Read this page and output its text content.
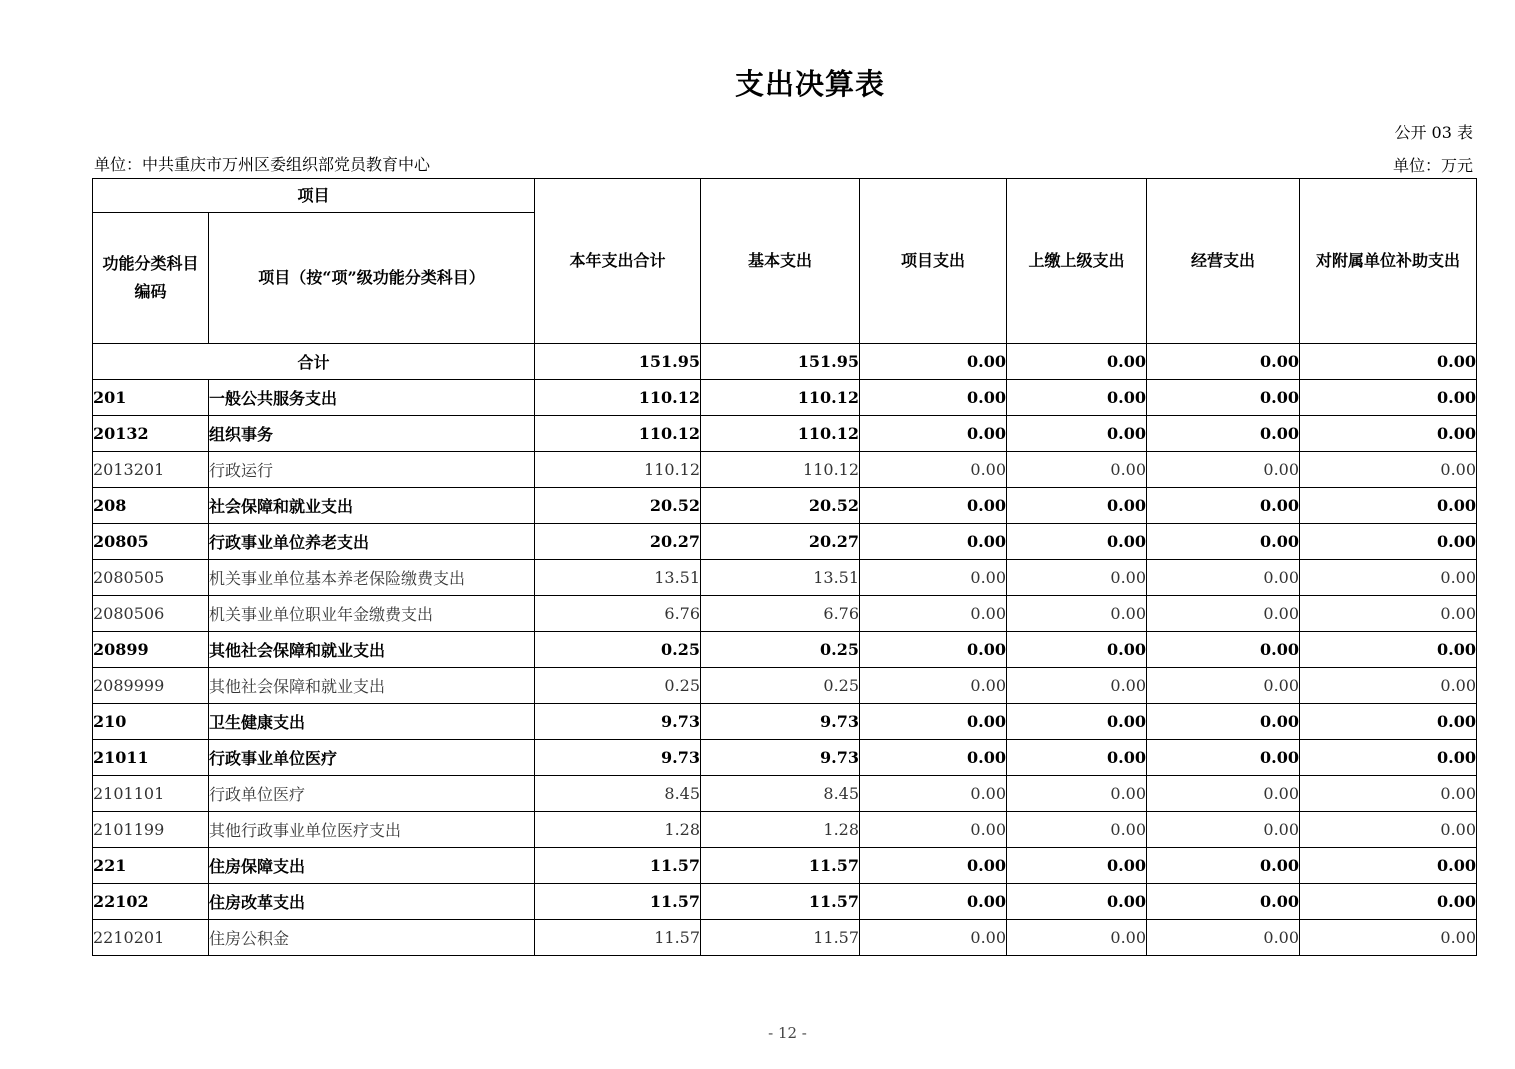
支出决算表
公开 03 表
单位：中共重庆市万州区委组织部党员教育中心	单位：万元
项目		本年支出合计	基本支出	项目支出	上缴上级支出	经营支出	对附属单位补助支出
功能分类科目编码	项目（按“项”级功能分类科目）						
合计		151.95	151.95	0.00	0.00	0.00	0.00
201	一般公共服务支出	110.12	110.12	0.00	0.00	0.00	0.00
20132	组织事务	110.12	110.12	0.00	0.00	0.00	0.00
2013201	行政运行	110.12	110.12	0.00	0.00	0.00	0.00
208	社会保障和就业支出	20.52	20.52	0.00	0.00	0.00	0.00
20805	行政事业单位养老支出	20.27	20.27	0.00	0.00	0.00	0.00
2080505	机关事业单位基本养老保险缴费支出	13.51	13.51	0.00	0.00	0.00	0.00
2080506	机关事业单位职业年金缴费支出	6.76	6.76	0.00	0.00	0.00	0.00
20899	其他社会保障和就业支出	0.25	0.25	0.00	0.00	0.00	0.00
2089999	其他社会保障和就业支出	0.25	0.25	0.00	0.00	0.00	0.00
210	卫生健康支出	9.73	9.73	0.00	0.00	0.00	0.00
21011	行政事业单位医疗	9.73	9.73	0.00	0.00	0.00	0.00
2101101	行政单位医疗	8.45	8.45	0.00	0.00	0.00	0.00
2101199	其他行政事业单位医疗支出	1.28	1.28	0.00	0.00	0.00	0.00
221	住房保障支出	11.57	11.57	0.00	0.00	0.00	0.00
22102	住房改革支出	11.57	11.57	0.00	0.00	0.00	0.00
2210201	住房公积金	11.57	11.57	0.00	0.00	0.00	0.00
- 12 -
